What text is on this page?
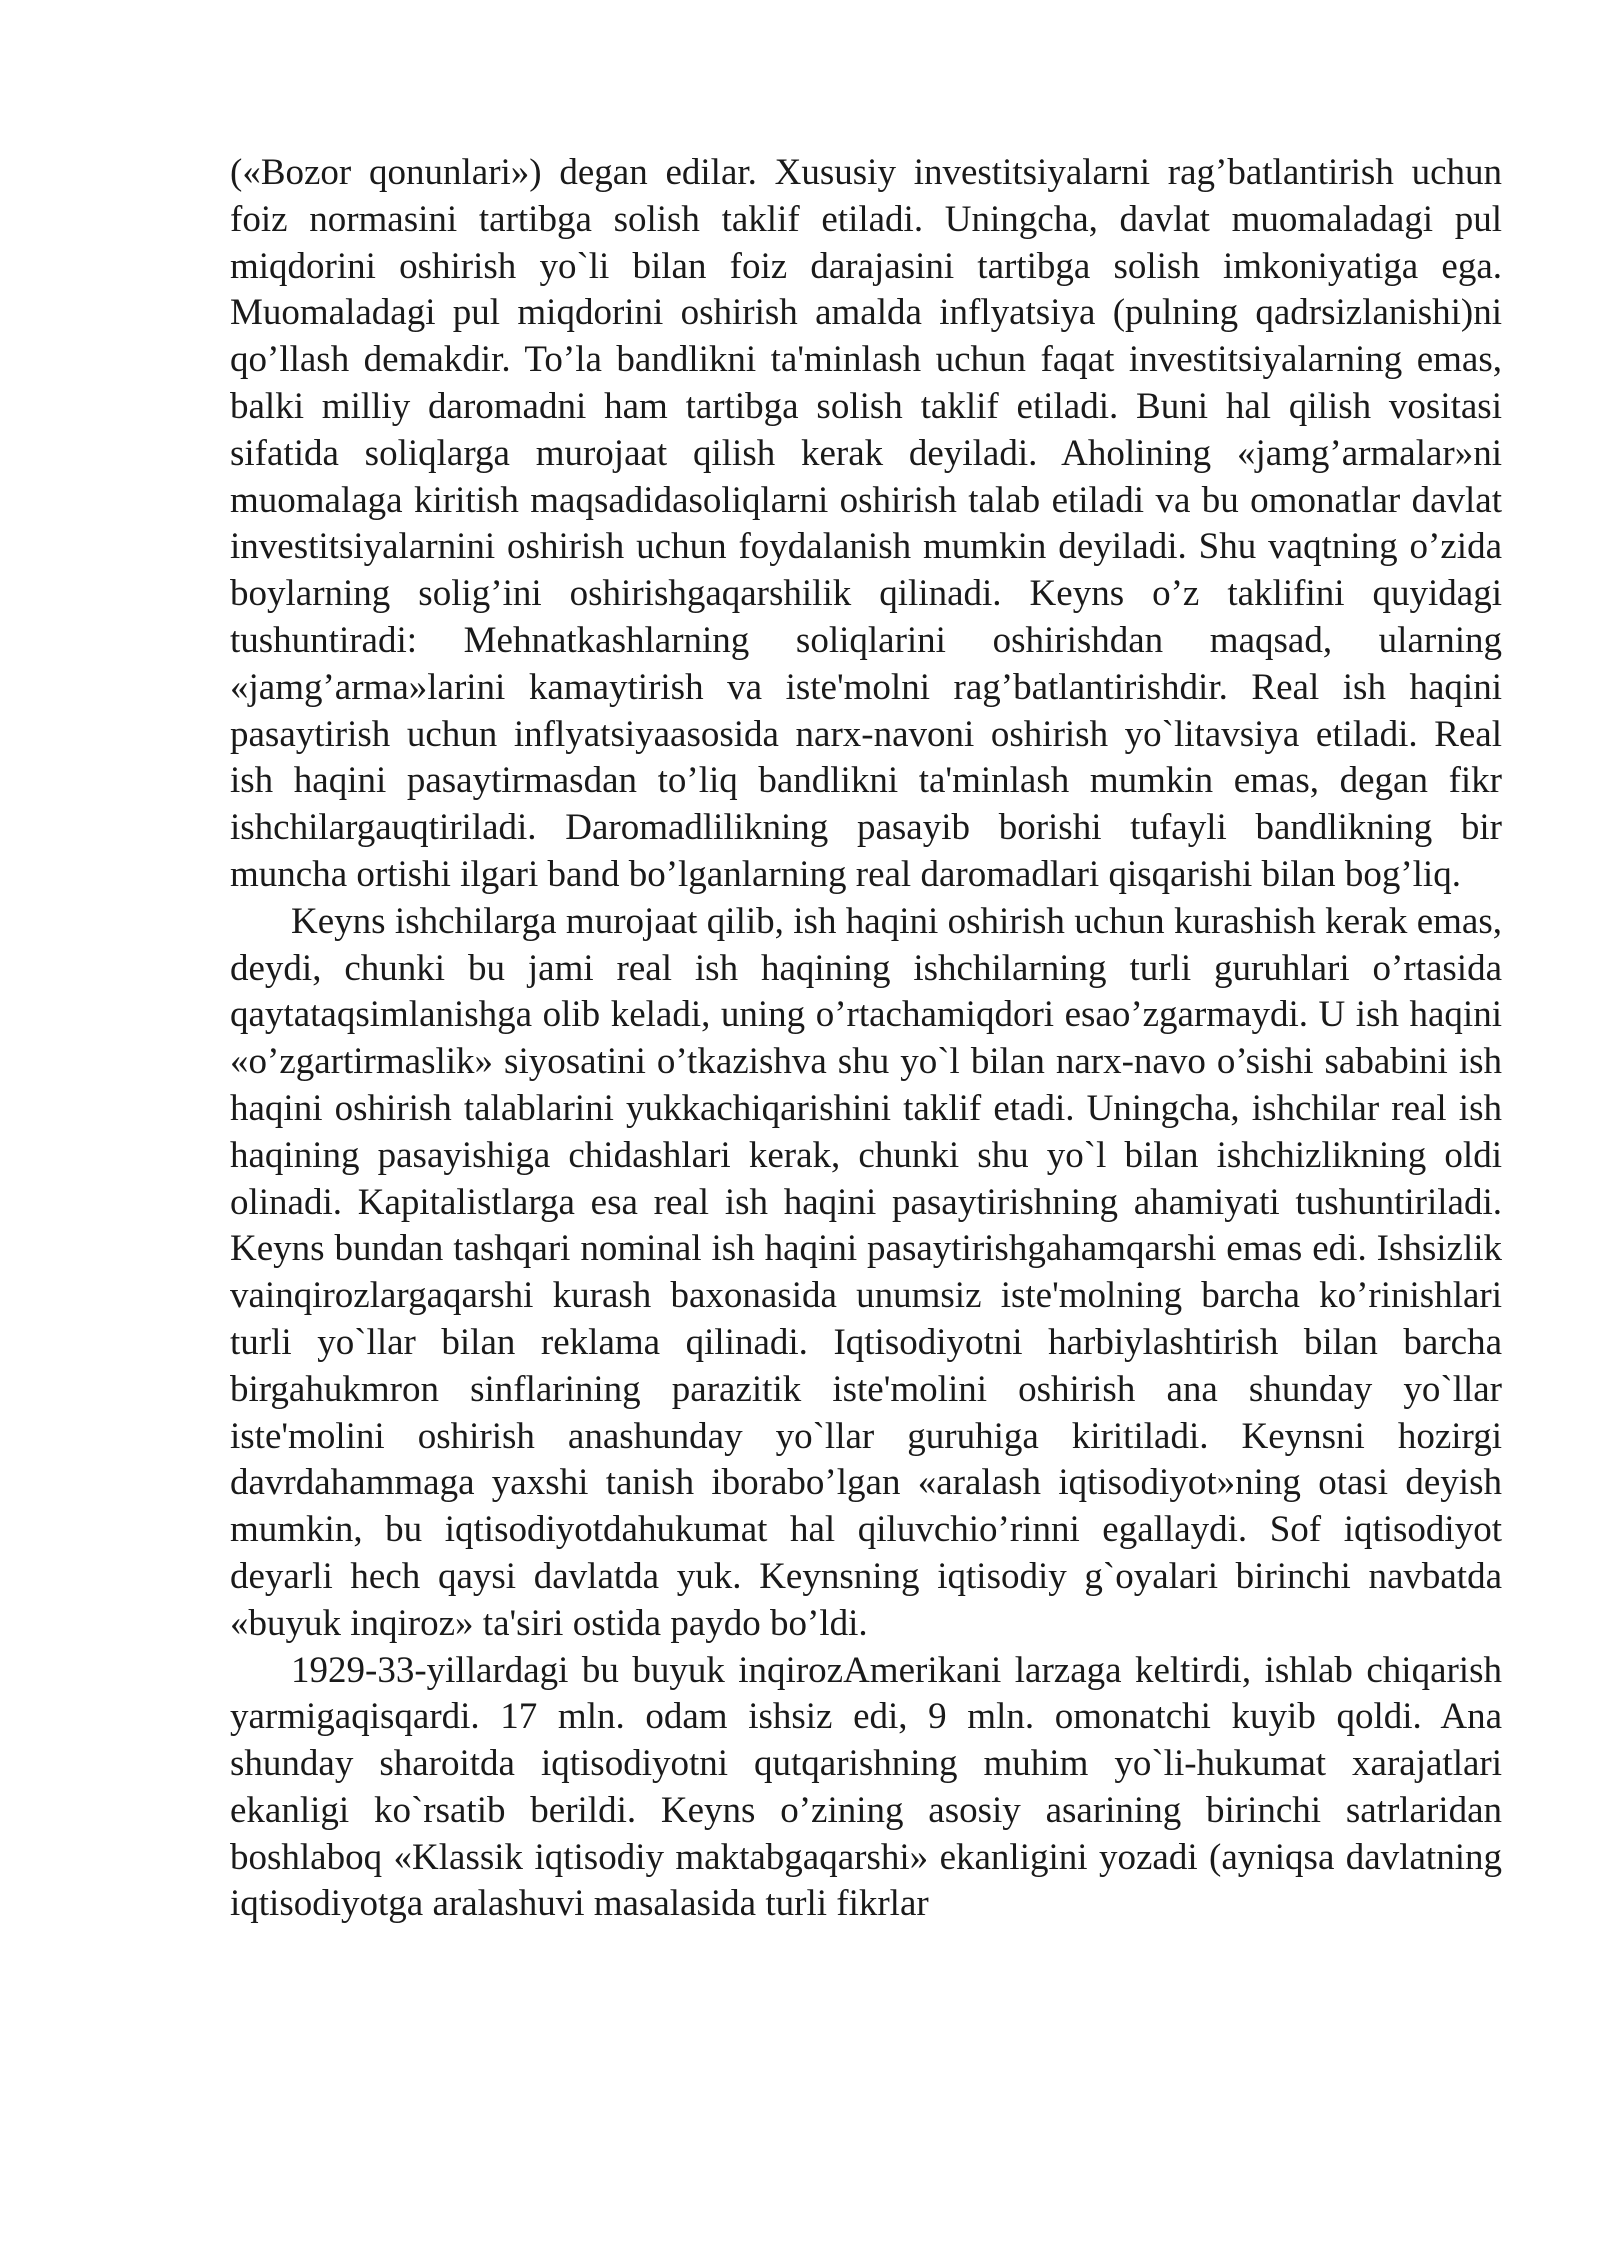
(«Bozor qonunlari») degan edilar. Xususiy investitsiyalarni rag’batlantirish uchun foiz normasini tartibga solish taklif etiladi. Uningcha, davlat muomaladagi pul miqdorini oshirish yo`li bilan foiz darajasini tartibga solish imkoniyatiga ega. Muomaladagi pul miqdorini oshirish amalda inflyatsiya (pulning qadrsizlanishi)ni qo’llash demakdir. To’la bandlikni ta'minlash uchun faqat investitsiyalarning emas, balki milliy daromadni ham tartibga solish taklif etiladi. Buni hal qilish vositasi sifatida soliqlarga murojaat qilish kerak deyiladi. Aholining «jamg’armalar»ni muomalaga kiritish maqsadidasoliqlarni oshirish talab etiladi va bu omonatlar davlat investitsiyalarnini oshirish uchun foydalanish mumkin deyiladi. Shu vaqtning o’zida boylarning solig’ini oshirishgaqarshilik qilinadi. Keyns o’z taklifini quyidagi tushuntiradi: Mehnatkashlarning soliqlarini oshirishdan maqsad, ularning «jamg’arma»larini kamaytirish va iste'molni rag’batlantirishdir. Real ish haqini pasaytirish uchun inflyatsiyaasosida narx-navoni oshirish yo`litavsiya etiladi. Real ish haqini pasaytirmasdan to’liq bandlikni ta'minlash mumkin emas, degan fikr ishchilargauqtiriladi. Daromadlilikning pasayib borishi tufayli bandlikning bir muncha ortishi ilgari band bo’lganlarning real daromadlari qisqarishi bilan bog’liq.

Keyns ishchilarga murojaat qilib, ish haqini oshirish uchun kurashish kerak emas, deydi, chunki bu jami real ish haqining ishchilarning turli guruhlari o’rtasida qaytataqsimlanishga olib keladi, uning o’rtachamiqdori esao’zgarmaydi. U ish haqini «o’zgartirmaslik» siyosatini o’tkazishva shu yo`l bilan narx-navo o’sishi sababini ish haqini oshirish talablarini yukkachiqarishini taklif etadi. Uningcha, ishchilar real ish haqining pasayishiga chidashlari kerak, chunki shu yo`l bilan ishchizlikning oldi olinadi. Kapitalistlarga esa real ish haqini pasaytirishning ahamiyati tushuntiriladi. Keyns bundan tashqari nominal ish haqini pasaytirishgahamqarshi emas edi. Ishsizlik vainqirozlargaqarshi kurash baxonasida unumsiz iste'molning barcha ko’rinishlari turli yo`llar bilan reklama qilinadi. Iqtisodiyotni harbiylashtirish bilan barcha birgahukmron sinflarining parazitik iste'molini oshirish ana shunday yo`llar iste'molini oshirish anashunday yo`llar guruhiga kiritiladi. Keynsni hozirgi davrdahammaga yaxshi tanish iborabo’lgan «aralash iqtisodiyot»ning otasi deyish mumkin, bu iqtisodiyotdahukumat hal qiluvchio’rinni egallaydi. Sof iqtisodiyot deyarli hech qaysi davlatda yuk. Keynsning iqtisodiy g`oyalari birinchi navbatda «buyuk inqiroz» ta'siri ostida paydo bo’ldi.

1929-33-yillardagi bu buyuk inqirozAmerikani larzaga keltirdi, ishlab chiqarish yarmigaqisqardi. 17 mln. odam ishsiz edi, 9 mln. omonatchi kuyib qoldi. Ana shunday sharoitda iqtisodiyotni qutqarishning muhim yo`li-hukumat xarajatlari ekanligi ko`rsatib berildi. Keyns o’zining asosiy asarining birinchi satrlaridan boshlaboq «Klassik iqtisodiy maktabgaqarshi» ekanligini yozadi (ayniqsa davlatning iqtisodiyotga aralashuvi masalasida turli fikrlar
